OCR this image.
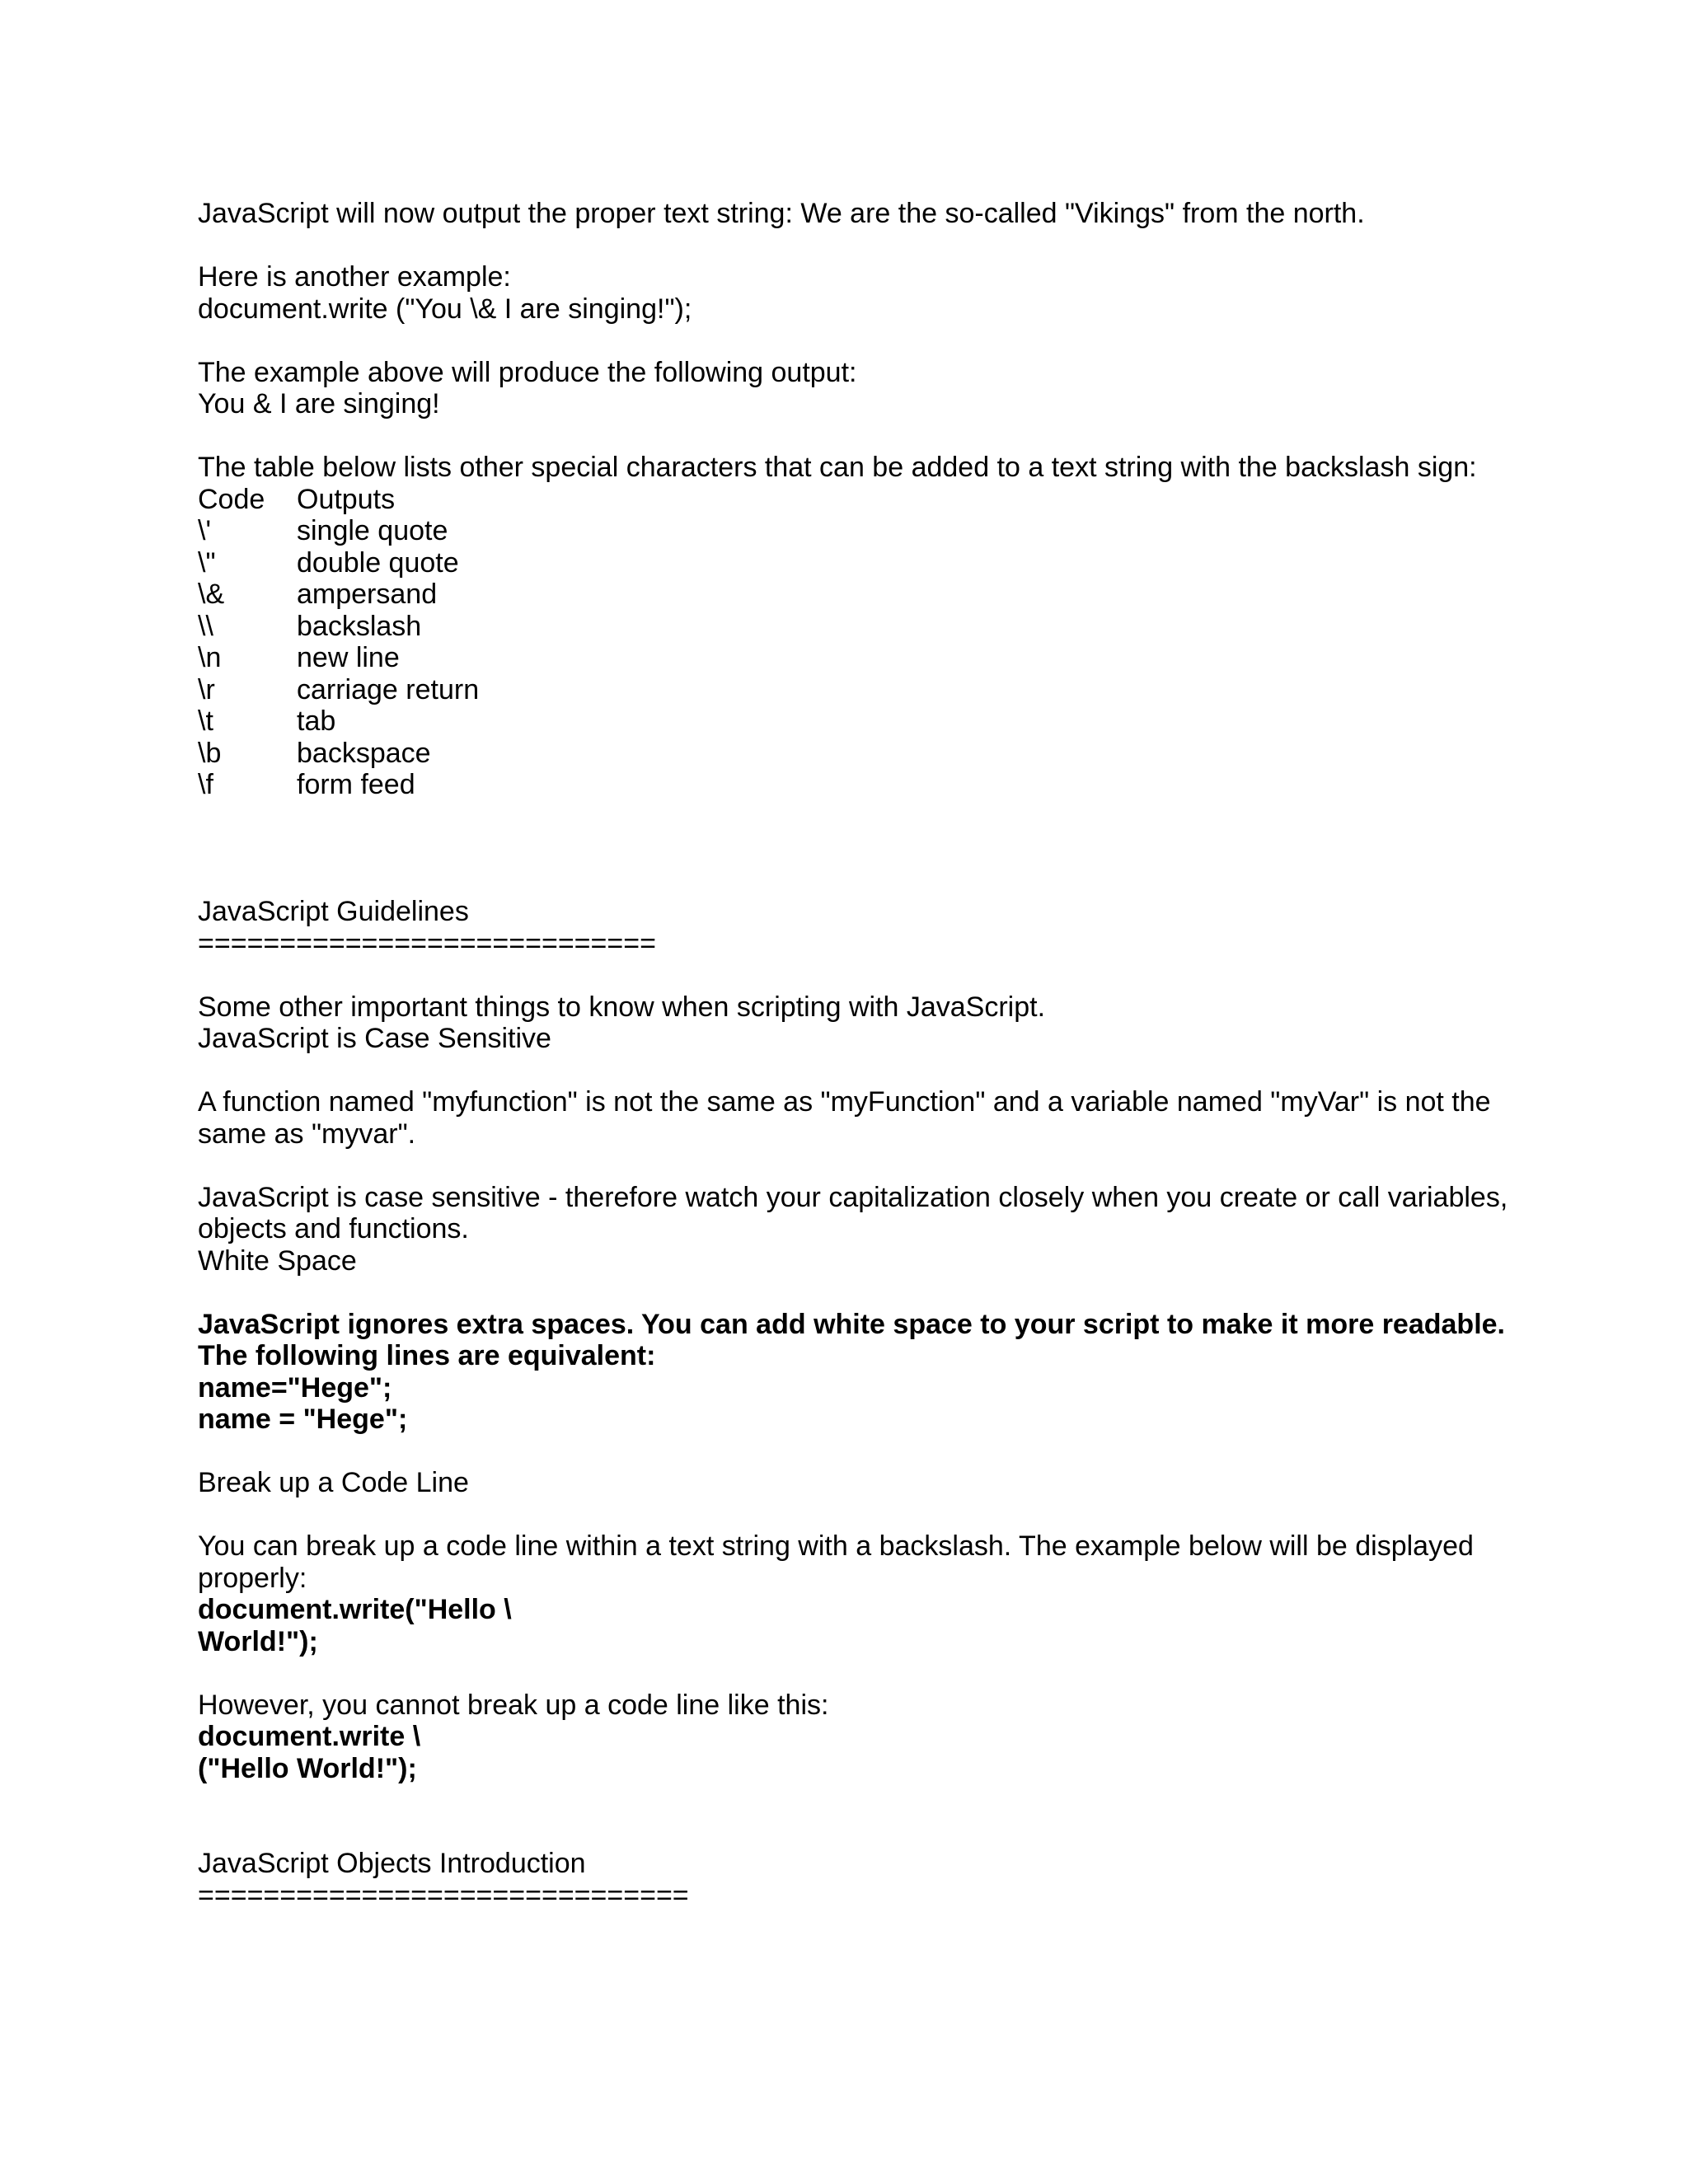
JavaScript will now output the proper text string: We are the so-called "Vikings" from the north.
Here is another example:
document.write ("You \& I are singing!");
The example above will produce the following output:
You & I are singing!
The table below lists other special characters that can be added to a text string with the backslash sign:
Code	Outputs
\'	single quote
\"	double quote
\&	ampersand
\\	backslash
\n	new line
\r	carriage return
\t	tab
\b	backspace
\f	form feed
JavaScript Guidelines
============================
Some other important things to know when scripting with JavaScript.
JavaScript is Case Sensitive
A function named "myfunction" is not the same as "myFunction" and a variable named "myVar" is not the same as "myvar".
JavaScript is case sensitive - therefore watch your capitalization closely when you create or call variables, objects and functions.
White Space
JavaScript ignores extra spaces. You can add white space to your script to make it more readable. The following lines are equivalent:
name="Hege";
name = "Hege";
Break up a Code Line
You can break up a code line within a text string with a backslash. The example below will be displayed properly:
document.write("Hello \
World!");
However, you cannot break up a code line like this:
document.write \
("Hello World!");
JavaScript Objects Introduction
==============================
